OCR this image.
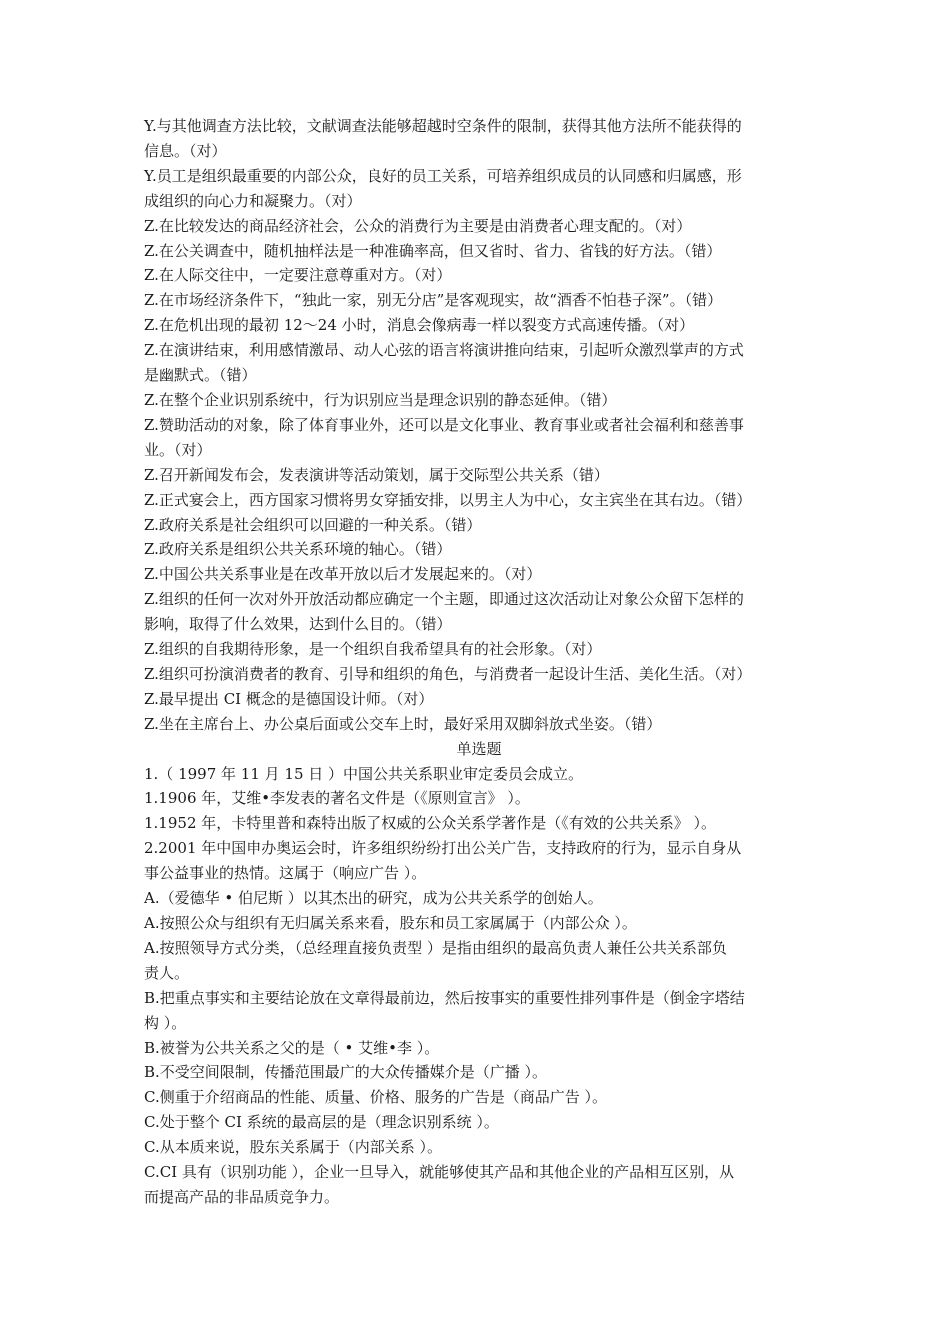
Y.与其他调查方法比较，文献调查法能够超越时空条件的限制，获得其他方法所不能获得的
信息。（对）
Y.员工是组织最重要的内部公众，良好的员工关系，可培养组织成员的认同感和归属感，形
成组织的向心力和凝聚力。（对）
Z.在比较发达的商品经济社会，公众的消费行为主要是由消费者心理支配的。（对）
Z.在公关调查中，随机抽样法是一种准确率高，但又省时、省力、省钱的好方法。（错）
Z.在人际交往中，一定要注意尊重对方。（对）
Z.在市场经济条件下，“独此一家，别无分店”是客观现实，故“酒香不怕巷子深”。（错）
Z.在危机出现的最初 12～24 小时，消息会像病毒一样以裂变方式高速传播。（对）
Z.在演讲结束，利用感情激昂、动人心弦的语言将演讲推向结束，引起听众激烈掌声的方式
是幽默式。（错）
Z.在整个企业识别系统中，行为识别应当是理念识别的静态延伸。（错）
Z.赞助活动的对象，除了体育事业外，还可以是文化事业、教育事业或者社会福利和慈善事
业。（对）
Z.召开新闻发布会，发表演讲等活动策划，属于交际型公共关系（错）
Z.正式宴会上，西方国家习惯将男女穿插安排，以男主人为中心，女主宾坐在其右边。（错）
Z.政府关系是社会组织可以回避的一种关系。（错）
Z.政府关系是组织公共关系环境的轴心。（错）
Z.中国公共关系事业是在改革开放以后才发展起来的。（对）
Z.组织的任何一次对外开放活动都应确定一个主题，即通过这次活动让对象公众留下怎样的
影响，取得了什么效果，达到什么目的。（错）
Z.组织的自我期待形象，是一个组织自我希望具有的社会形象。（对）
Z.组织可扮演消费者的教育、引导和组织的角色，与消费者一起设计生活、美化生活。（对）
Z.最早提出 CI 概念的是德国设计师。（对）
Z.坐在主席台上、办公桌后面或公交车上时，最好采用双脚斜放式坐姿。（错）
单选题
1.（ 1997 年 11 月 15 日 ）中国公共关系职业审定委员会成立。
1.1906 年，艾维•李发表的著名文件是（《原则宣言》 ）。
1.1952 年，卡特里普和森特出版了权威的公众关系学著作是（《有效的公共关系》 ）。
2.2001 年中国申办奥运会时，许多组织纷纷打出公关广告，支持政府的行为，显示自身从
事公益事业的热情。这属于（响应广告 ）。
A.（爱德华 • 伯尼斯 ）以其杰出的研究，成为公共关系学的创始人。
A.按照公众与组织有无归属关系来看，股东和员工家属属于（内部公众 ）。
A.按照领导方式分类，（总经理直接负责型 ）是指由组织的最高负责人兼任公共关系部负
责人。
B.把重点事实和主要结论放在文章得最前边，然后按事实的重要性排列事件是（倒金字塔结
构 ）。
B.被誉为公共关系之父的是（ • 艾维•李 ）。
B.不受空间限制，传播范围最广的大众传播媒介是（广播 ）。
C.侧重于介绍商品的性能、质量、价格、服务的广告是（商品广告 ）。
C.处于整个 CI 系统的最高层的是（理念识别系统 ）。
C.从本质来说，股东关系属于（内部关系 ）。
C.CI 具有（识别功能 ），企业一旦导入，就能够使其产品和其他企业的产品相互区别，从
而提高产品的非品质竞争力。
